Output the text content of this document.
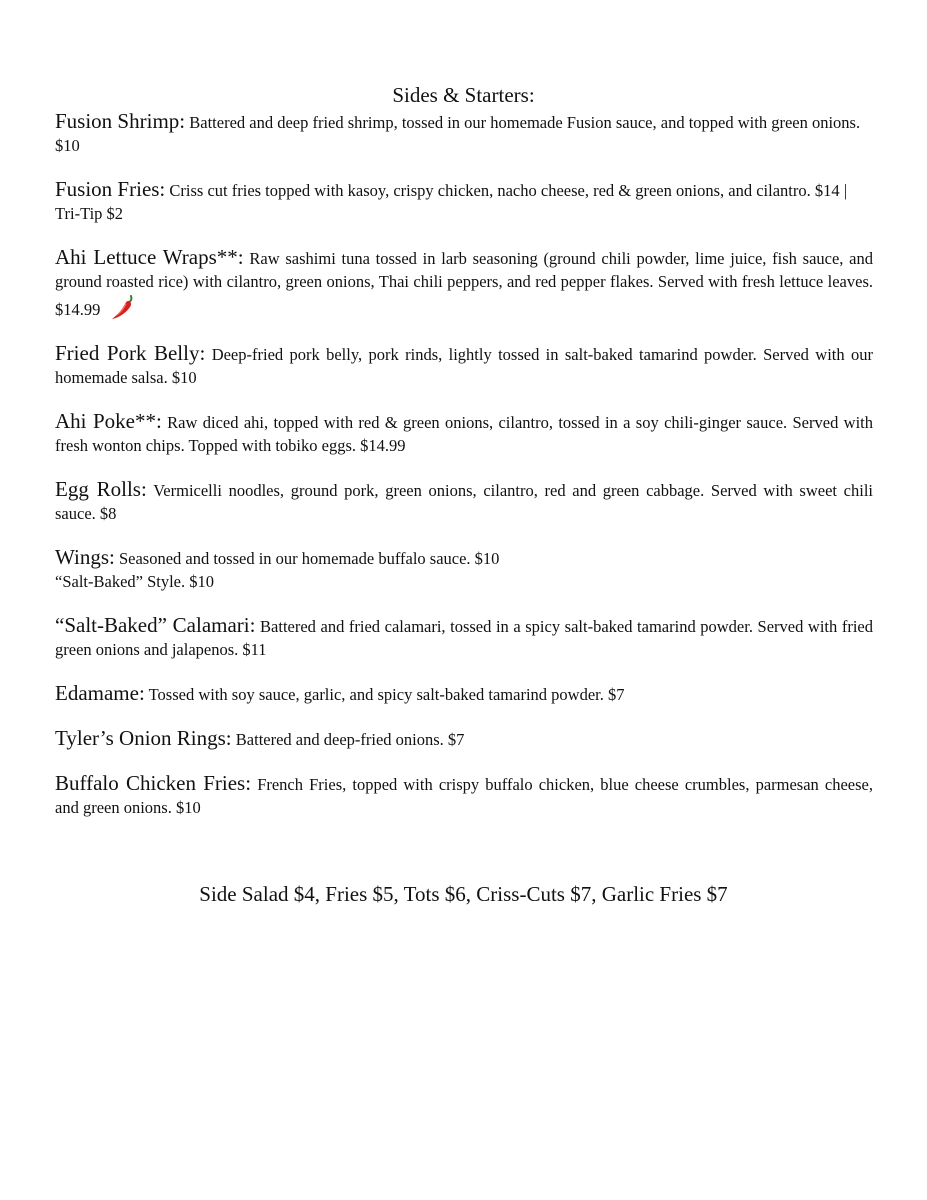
Sides & Starters:
Fusion Shrimp: Battered and deep fried shrimp, tossed in our homemade Fusion sauce, and topped with green onions. $10
Fusion Fries: Criss cut fries topped with kasoy, crispy chicken, nacho cheese, red & green onions, and cilantro. $14 | Tri-Tip $2
Ahi Lettuce Wraps**: Raw sashimi tuna tossed in larb seasoning (ground chili powder, lime juice, fish sauce, and ground roasted rice) with cilantro, green onions, Thai chili peppers, and red pepper flakes. Served with fresh lettuce leaves. $14.99
Fried Pork Belly: Deep-fried pork belly, pork rinds, lightly tossed in salt-baked tamarind powder. Served with our homemade salsa. $10
Ahi Poke**: Raw diced ahi, topped with red & green onions, cilantro, tossed in a soy chili-ginger sauce. Served with fresh wonton chips. Topped with tobiko eggs. $14.99
Egg Rolls: Vermicelli noodles, ground pork, green onions, cilantro, red and green cabbage. Served with sweet chili sauce. $8
Wings: Seasoned and tossed in our homemade buffalo sauce. $10
“Salt-Baked” Style. $10
“Salt-Baked” Calamari: Battered and fried calamari, tossed in a spicy salt-baked tamarind powder. Served with fried green onions and jalapenos. $11
Edamame: Tossed with soy sauce, garlic, and spicy salt-baked tamarind powder. $7
Tyler’s Onion Rings: Battered and deep-fried onions. $7
Buffalo Chicken Fries: French Fries, topped with crispy buffalo chicken, blue cheese crumbles, parmesan cheese, and green onions. $10
Side Salad $4, Fries $5, Tots $6, Criss-Cuts $7, Garlic Fries $7
